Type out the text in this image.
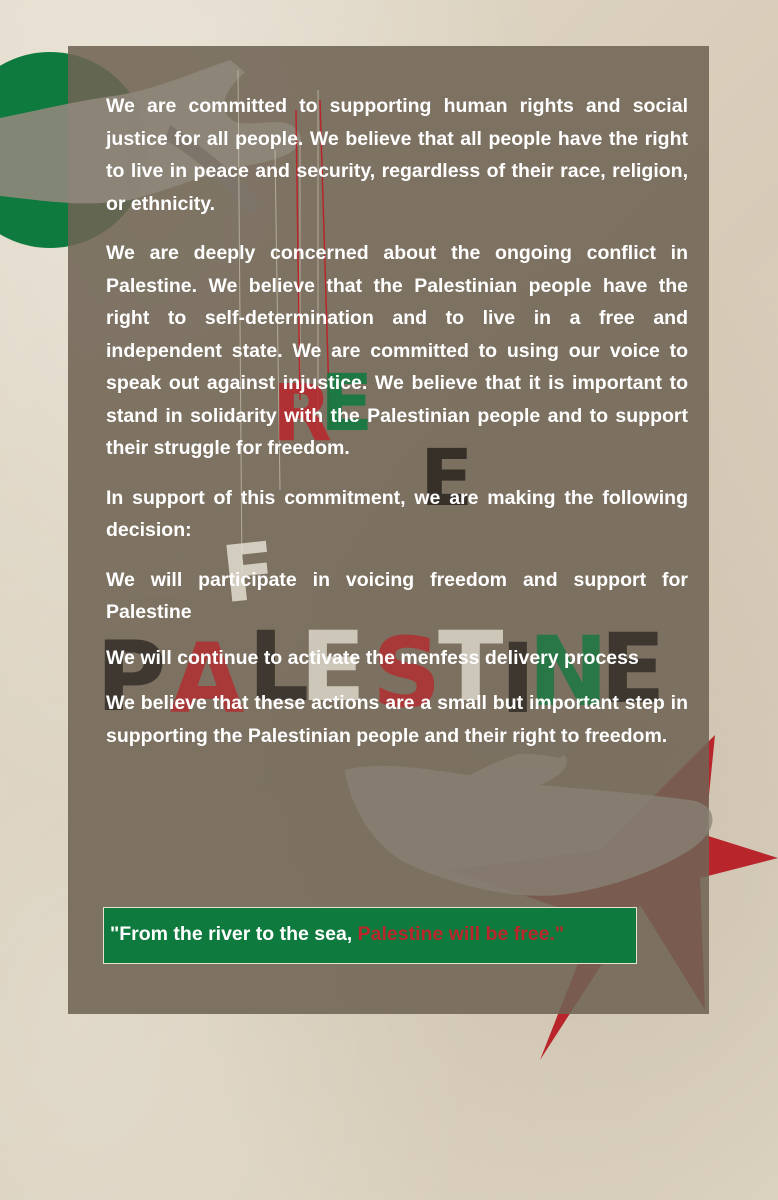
F
R
E
E
P A L
E S
T
I
N
E

We are committed to supporting human rights and social justice for all people. We believe that all people have the right to live in peace and security, regardless of their race, religion, or ethnicity.

We are deeply concerned about the ongoing conflict in Palestine. We believe that the Palestinian people have the right to self-determination and to live in a free and independent state. We are committed to using our voice to speak out against injustice. We believe that it is important to stand in solidarity with the Palestinian people and to support their struggle for freedom.

In support of this commitment, we are making the following decision:

We will participate in voicing freedom and support for Palestine

We will continue to activate the menfess delivery process

We believe that these actions are a small but important step in supporting the Palestinian people and their right to freedom.

"From the river to the sea, Palestine will be free."
